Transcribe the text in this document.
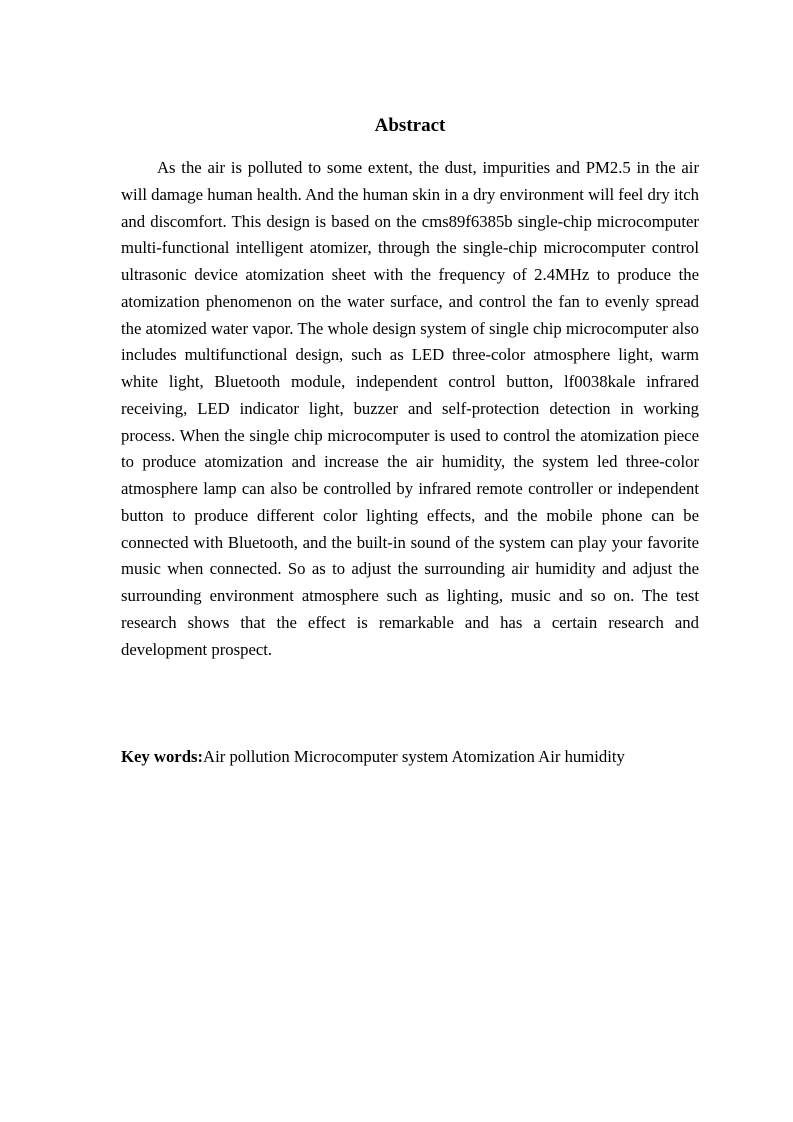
Abstract

As the air is polluted to some extent, the dust, impurities and PM2.5 in the air will damage human health. And the human skin in a dry environment will feel dry itch and discomfort. This design is based on the cms89f6385b single-chip microcomputer multi-functional intelligent atomizer, through the single-chip microcomputer control ultrasonic device atomization sheet with the frequency of 2.4MHz to produce the atomization phenomenon on the water surface, and control the fan to evenly spread the atomized water vapor. The whole design system of single chip microcomputer also includes multifunctional design, such as LED three-color atmosphere light, warm white light, Bluetooth module, independent control button, lf0038kale infrared receiving, LED indicator light, buzzer and self-protection detection in working process. When the single chip microcomputer is used to control the atomization piece to produce atomization and increase the air humidity, the system led three-color atmosphere lamp can also be controlled by infrared remote controller or independent button to produce different color lighting effects, and the mobile phone can be connected with Bluetooth, and the built-in sound of the system can play your favorite music when connected. So as to adjust the surrounding air humidity and adjust the surrounding environment atmosphere such as lighting, music and so on. The test research shows that the effect is remarkable and has a certain research and development prospect.

Key words:Air pollution Microcomputer system Atomization Air humidity
